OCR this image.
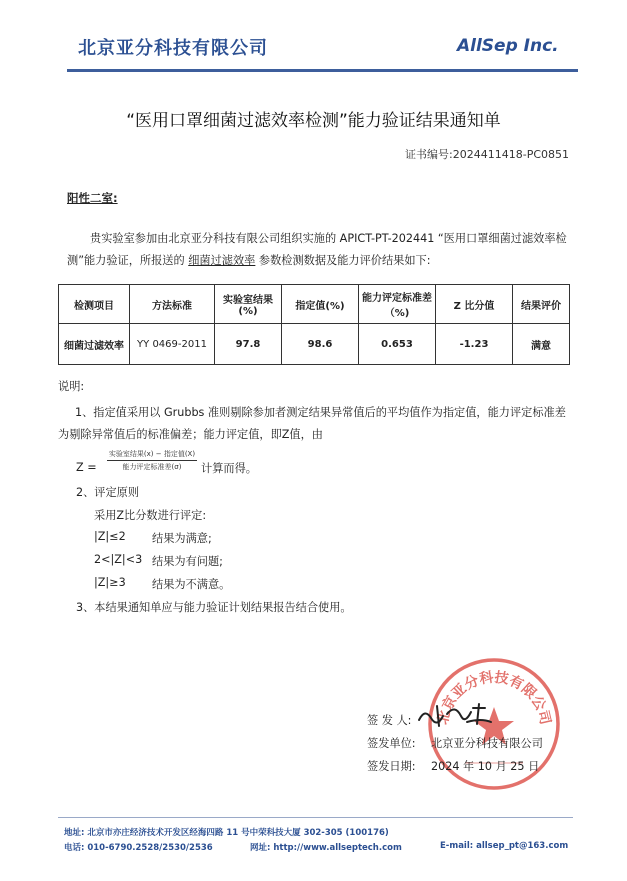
北京亚分科技有限公司	AllSep Inc.
“医用口罩细菌过滤效率检测”能力验证结果通知单
证书编号:2024411418-PC0851
阳性二室:
贵实验室参加由北京亚分科技有限公司组织实施的 APICT-PT-202441 “医用口罩细菌过滤效率检测”能力验证，所报送的 细菌过滤效率 参数检测数据及能力评价结果如下:
检测项目	方法标准	实验室结果(%)	指定值(%)	能力评定标准差（%)	Z 比分值	结果评价
细菌过滤效率	YY 0469-2011	97.8	98.6	0.653	-1.23	满意
说明:
1、指定值采用以 Grubbs 准则剔除参加者测定结果异常值后的平均值作为指定值，能力评定标准差为剔除异常值后的标准偏差；能力评定值，即Z值，由
Z =
实验室结果(x) − 指定值(X)
能力评定标准差(σ)	计算而得。
2、评定原则
采用Z比分数进行评定:
|Z|≤2 结果为满意;
2<|Z|<3 结果为有问题;
|Z|≥3 结果为不满意。
3、本结果通知单应与能力验证计划结果报告结合使用。
北京亚分科技有限公司
签 发 人:
签发单位: 北京亚分科技有限公司
签发日期: 2024 年 10 月 25 日
地址: 北京市亦庄经济技术开发区经海四路 11 号中荣科技大厦 302-305 (100176)
电话: 010-6790.2528/2530/2536	网址: http://www.allseptech.com	E-mail: allsep_pt@163.com
